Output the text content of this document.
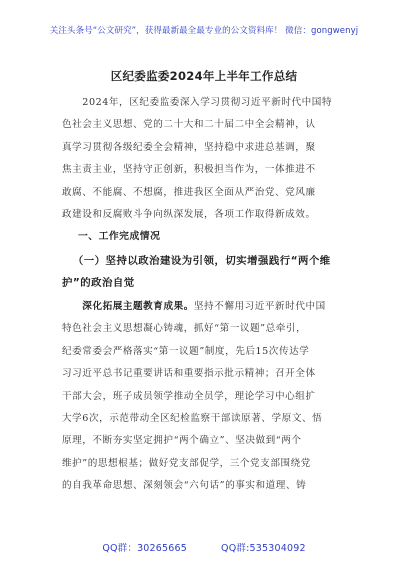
关注头条号“公文研究”，获得最新最全最专业的公文资料库！ 微信：gongwenyj
区纪委监委2024年上半年工作总结
  2024年，区纪委监委深入学习贯彻习近平新时代中国特
色社会主义思想、党的二十大和二十届二中全会精神，认
真学习贯彻各级纪委全会精神，坚持稳中求进总基调，聚
焦主责主业，坚持守正创新，积极担当作为，一体推进不
敢腐、不能腐、不想腐，推进我区全面从严治党、党风廉
政建设和反腐败斗争向纵深发展，各项工作取得新成效。
一、工作完成情况
 （一）坚持以政治建设为引领，切实增强践行“两个维
护”的政治自觉
  深化拓展主题教育成果。坚持不懈用习近平新时代中国
特色社会主义思想凝心铸魂，抓好“第一议题”总牵引，
纪委常委会严格落实“第一议题”制度，先后15次传达学
习习近平总书记重要讲话和重要指示批示精神；召开全体
干部大会，班子成员领学推动全员学，理论学习中心组扩
大学6次，示范带动全区纪检监察干部读原著、学原文、悟
原理，不断夯实坚定拥护“两个确立”、坚决做到“两个
维护”的思想根基；做好党支部促学，三个党支部围绕党
的自我革命思想、深刻领会“六句话”的事实和道理、铸
QQ群：30265665	QQ群:535304092
